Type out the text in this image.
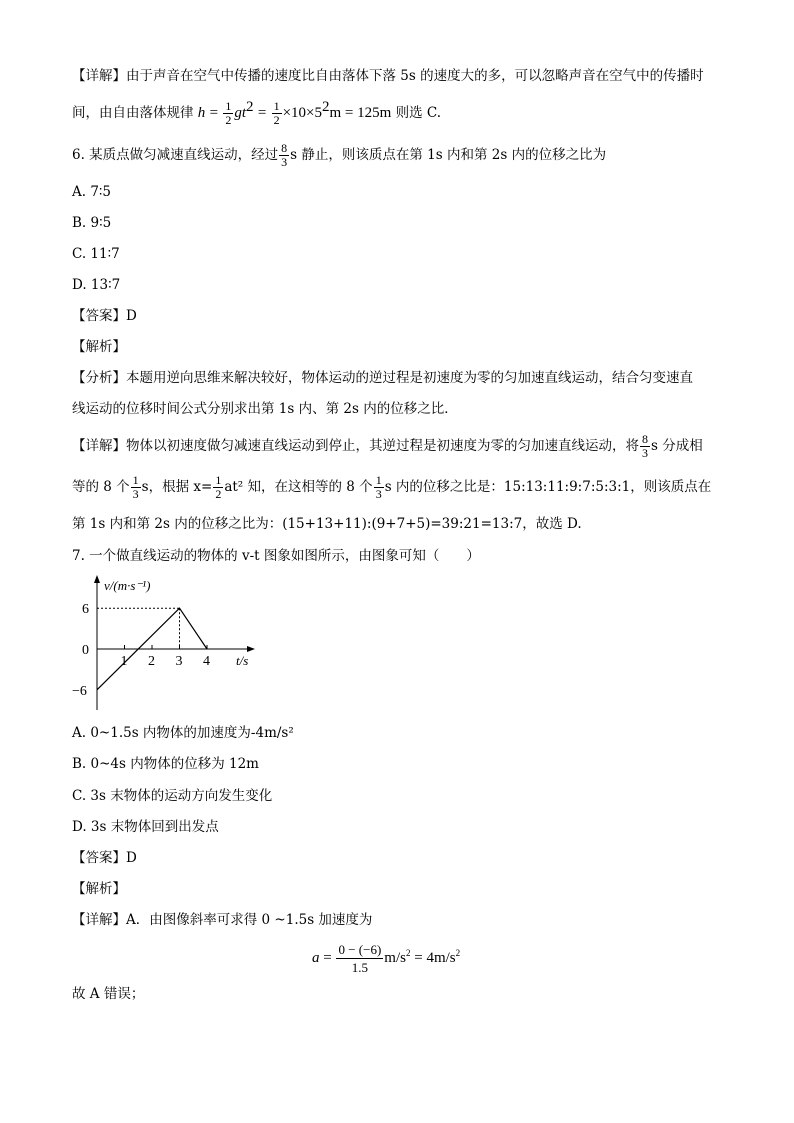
【详解】由于声音在空气中传播的速度比自由落体下落 5s 的速度大的多，可以忽略声音在空气中的传播时
间，由自由落体规律 $h = \frac{1}{2} gt^2 = \frac{1}{2} \times 10\times 5^2m = 125m$ 则选 C.
6. 某质点做匀减速直线运动，经过 $\frac{8}{3}$ s 静止，则该质点在第 1s 内和第 2s 内的位移之比为
A. 7∶5
B. 9∶5
C. 11∶7
D. 13∶7
【答案】D
【解析】
【分析】本题用逆向思维来解决较好，物体运动的逆过程是初速度为零的匀加速直线运动，结合匀变速直
线运动的位移时间公式分别求出第 1s 内、第 2s 内的位移之比．
【详解】物体以初速度做匀减速直线运动到停止，其逆过程是初速度为零的匀加速直线运动，将 $\frac{8}{3}$ s 分成相
等的 8 个 $\frac{1}{3}$ s，根据 $x= \frac{1}{2} at^2$ 知，在这相等的 8 个 $\frac{1}{3}$ s 内的位移之比是：15:13:11:9:7:5:3:1，则该质点在
第 1s 内和第 2s 内的位移之比为：(15+13+11):(9+7+5)=39:21=13:7，故选 D.
7. 一个做直线运动的物体的 v-t 图象如图所示，由图象可知（　　）
v/(m·s⁻¹)
t/s
1 2 3 4
6
0
−6
A. 0~1.5s 内物体的加速度为-4m/s²
B. 0~4s 内物体的位移为 12m
C. 3s 末物体的运动方向发生变化
D. 3s 末物体回到出发点
【答案】D
【解析】
【详解】A．由图像斜率可求得 0 ~1.5s 加速度为
$a = \frac{0 - (-6)}{1.5} m/s^2 = 4m/s^2$
故 A 错误；
